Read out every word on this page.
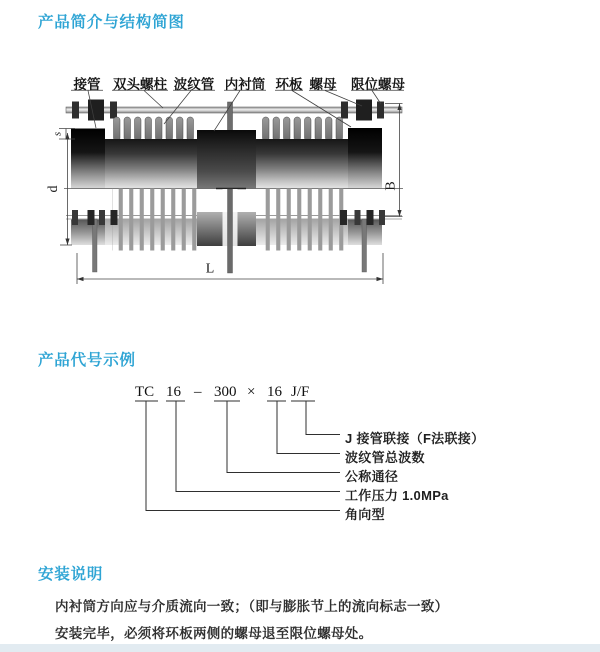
s
d	B
L
产品简介与结构简图
产品代号示例
安装说明
接管 双头螺柱 波纹管 内衬筒 环板 螺母 限位螺母
TC 16 – 300 × 16 J/F
J 接管联接（F法联接）
波纹管总波数
公称通径
工作压力 1.0MPa
角向型
内衬筒方向应与介质流向一致；（即与膨胀节上的流向标志一致）
安装完毕，必须将环板两侧的螺母退至限位螺母处。
